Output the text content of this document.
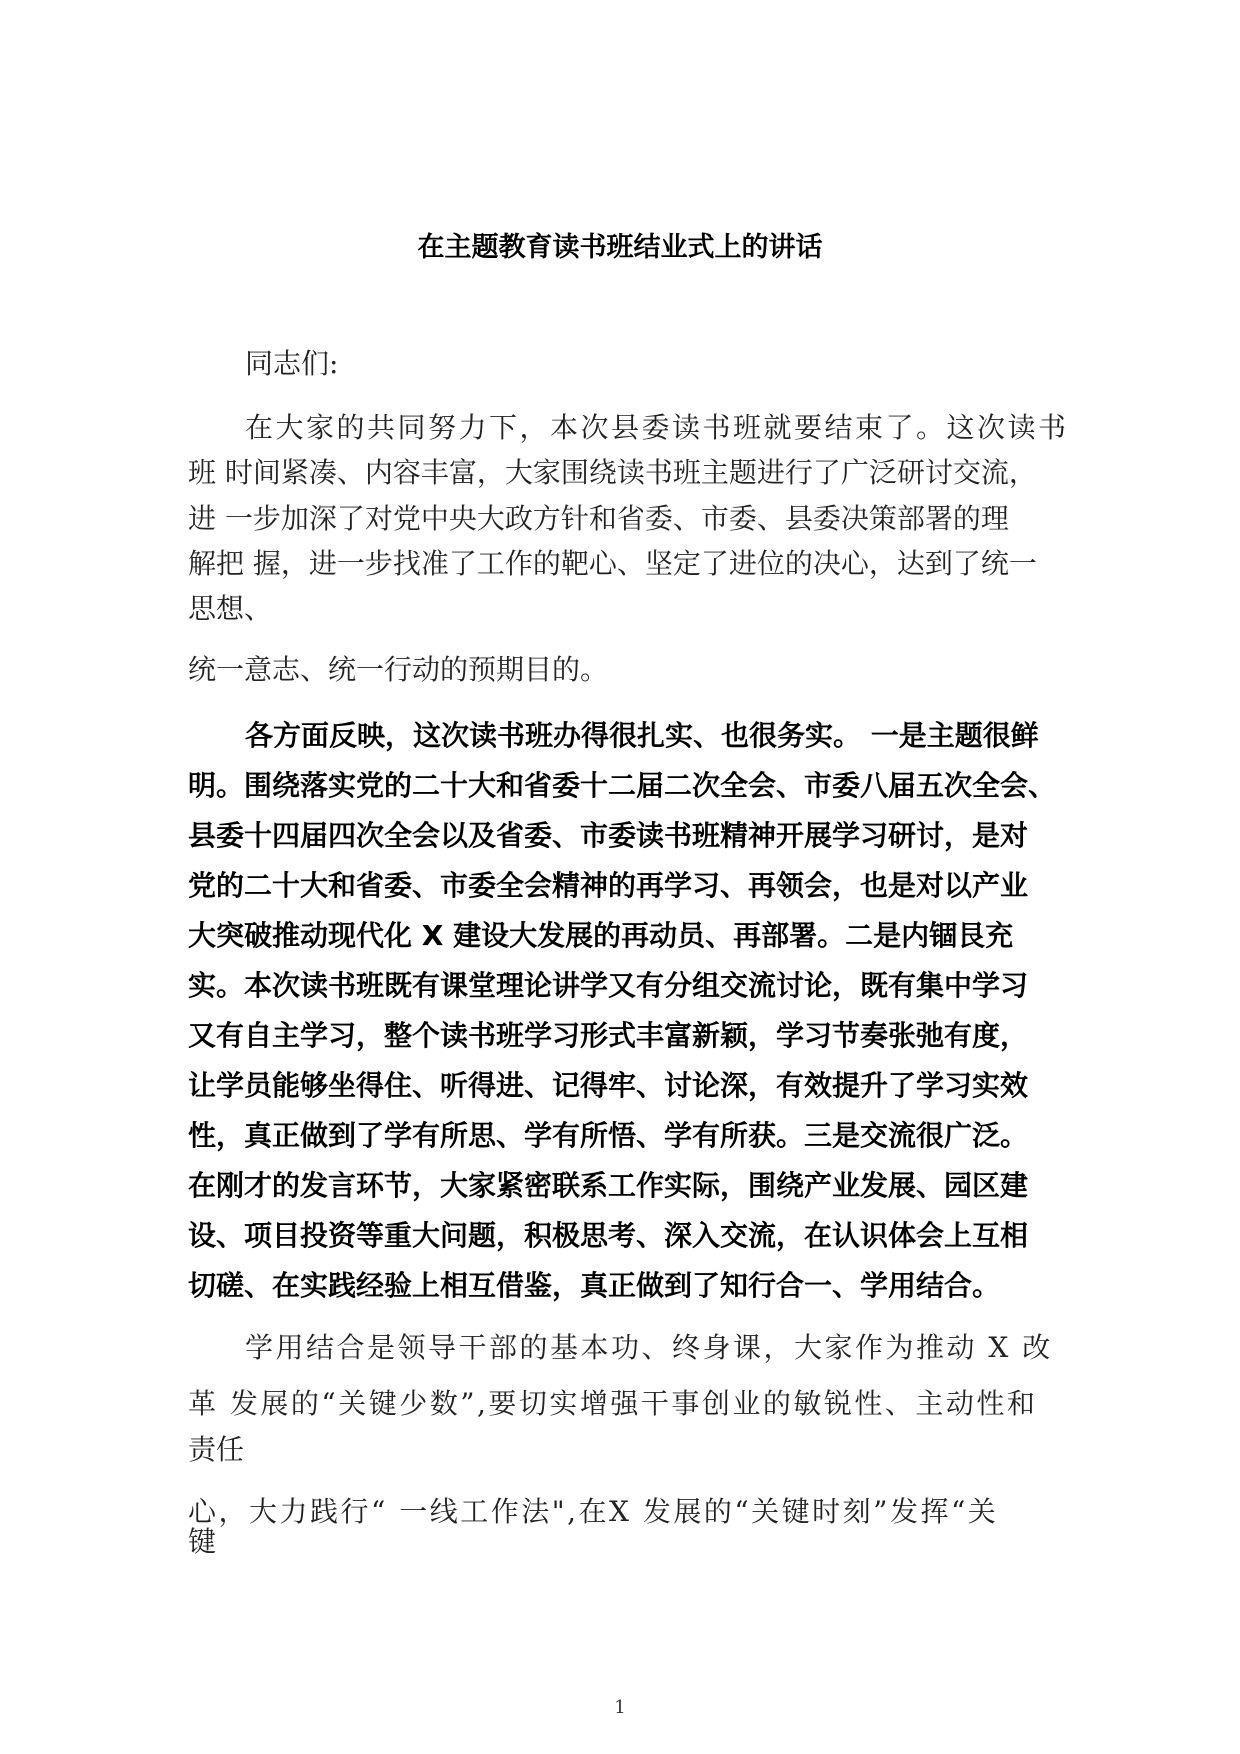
在主题教育读书班结业式上的讲话

同志们:

在大家的共同努力下，本次县委读书班就要结束了。这次读书

班 时间紧凑、内容丰富，大家围绕读书班主题进行了广泛研讨交流，

进 一步加深了对党中央大政方针和省委、市委、县委决策部署的理

解把 握，进一步找准了工作的靶心、坚定了进位的决心，达到了统一

思想、

统一意志、统一行动的预期目的。

各方面反映，这次读书班办得很扎实、也很务实。 一是主题很鲜

明。围绕落实党的二十大和省委十二届二次全会、市委八届五次全会、

县委十四届四次全会以及省委、市委读书班精神开展学习研讨，是对

党的二十大和省委、市委全会精神的再学习、再领会，也是对以产业

大突破推动现代化 X 建设大发展的再动员、再部署。二是内锢艮充

实。本次读书班既有课堂理论讲学又有分组交流讨论，既有集中学习

又有自主学习，整个读书班学习形式丰富新颖，学习节奏张弛有度，

让学员能够坐得住、听得进、记得牢、讨论深，有效提升了学习实效

性，真正做到了学有所思、学有所悟、学有所获。三是交流很广泛。

在刚才的发言环节，大家紧密联系工作实际，围绕产业发展、园区建

设、项目投资等重大问题，积极思考、深入交流，在认识体会上互相

切磋、在实践经验上相互借鉴，真正做到了知行合一、学用结合。

学用结合是领导干部的基本功、终身课，大家作为推动 X 改

革 发展的“关键少数”,要切实增强干事创业的敏锐性、主动性和

责任

心，大力践行“ 一线工作法",在X 发展的“关键时刻”发挥“关

键

1
